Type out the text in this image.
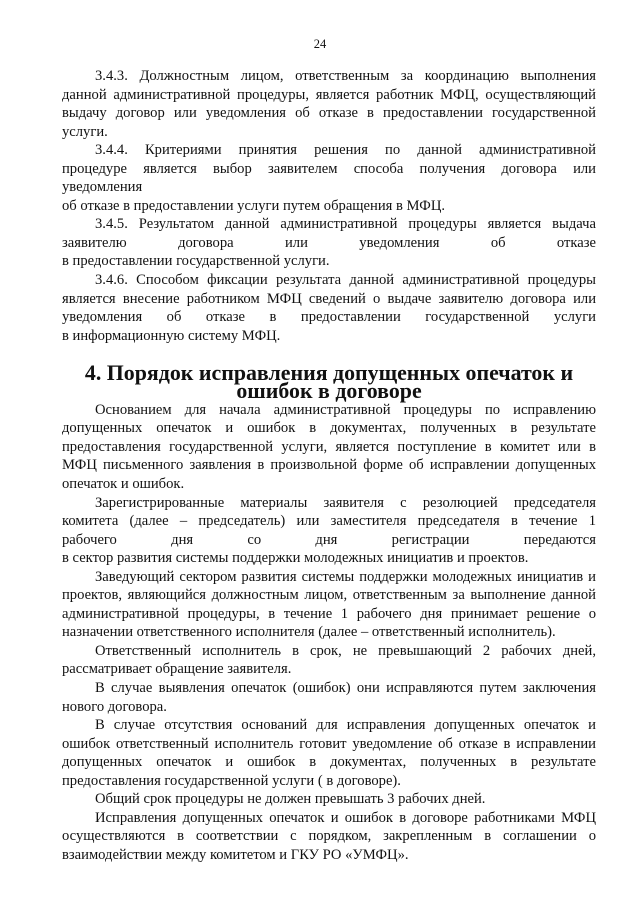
24

3.4.3. Должностным лицом, ответственным за координацию выполнения данной административной процедуры, является работник МФЦ, осуществляющий выдачу договор или уведомления об отказе в предоставлении государственной услуги.

3.4.4. Критериями принятия решения по данной административной
процедуре является выбор заявителем способа получения договора или
уведомления
об отказе в предоставлении услуги путем обращения в МФЦ.
3.4.5. Результатом данной административной процедуры является выдача
заявителю договора или уведомления об отказе
в предоставлении государственной услуги.
3.4.6. Способом фиксации результата данной административной процедуры
является внесение работником МФЦ сведений о выдаче заявителю договора или
уведомления об отказе в предоставлении государственной услуги
в информационную систему МФЦ.
4. Порядок исправления допущенных опечаток и ошибок в договоре

Основанием для начала административной процедуры по исправлению допущенных опечаток и ошибок в документах, полученных в результате предоставления государственной услуги, является поступление в комитет или в МФЦ письменного заявления в произвольной форме об исправлении допущенных опечаток и ошибок.

Зарегистрированные материалы заявителя с резолюцией председателя
комитета (далее – председатель) или заместителя председателя в течение 1
рабочего дня со дня регистрации передаются
в сектор развития системы поддержки молодежных инициатив и проектов.

Заведующий сектором развития системы поддержки молодежных инициатив и проектов, являющийся должностным лицом, ответственным за выполнение данной административной процедуры, в течение 1 рабочего дня принимает решение о назначении ответственного исполнителя (далее – ответственный исполнитель).

Ответственный исполнитель в срок, не превышающий 2 рабочих дней, рассматривает обращение заявителя.

В случае выявления опечаток (ошибок) они исправляются путем заключения нового договора.

В случае отсутствия оснований для исправления допущенных опечаток и ошибок ответственный исполнитель готовит уведомление об отказе в исправлении допущенных опечаток и ошибок в документах, полученных в результате предоставления государственной услуги ( в договоре).

Общий срок процедуры не должен превышать 3 рабочих дней.

Исправления допущенных опечаток и ошибок в договоре работниками МФЦ осуществляются в соответствии с порядком, закрепленным в соглашении о взаимодействии между комитетом и ГКУ РО «УМФЦ».
